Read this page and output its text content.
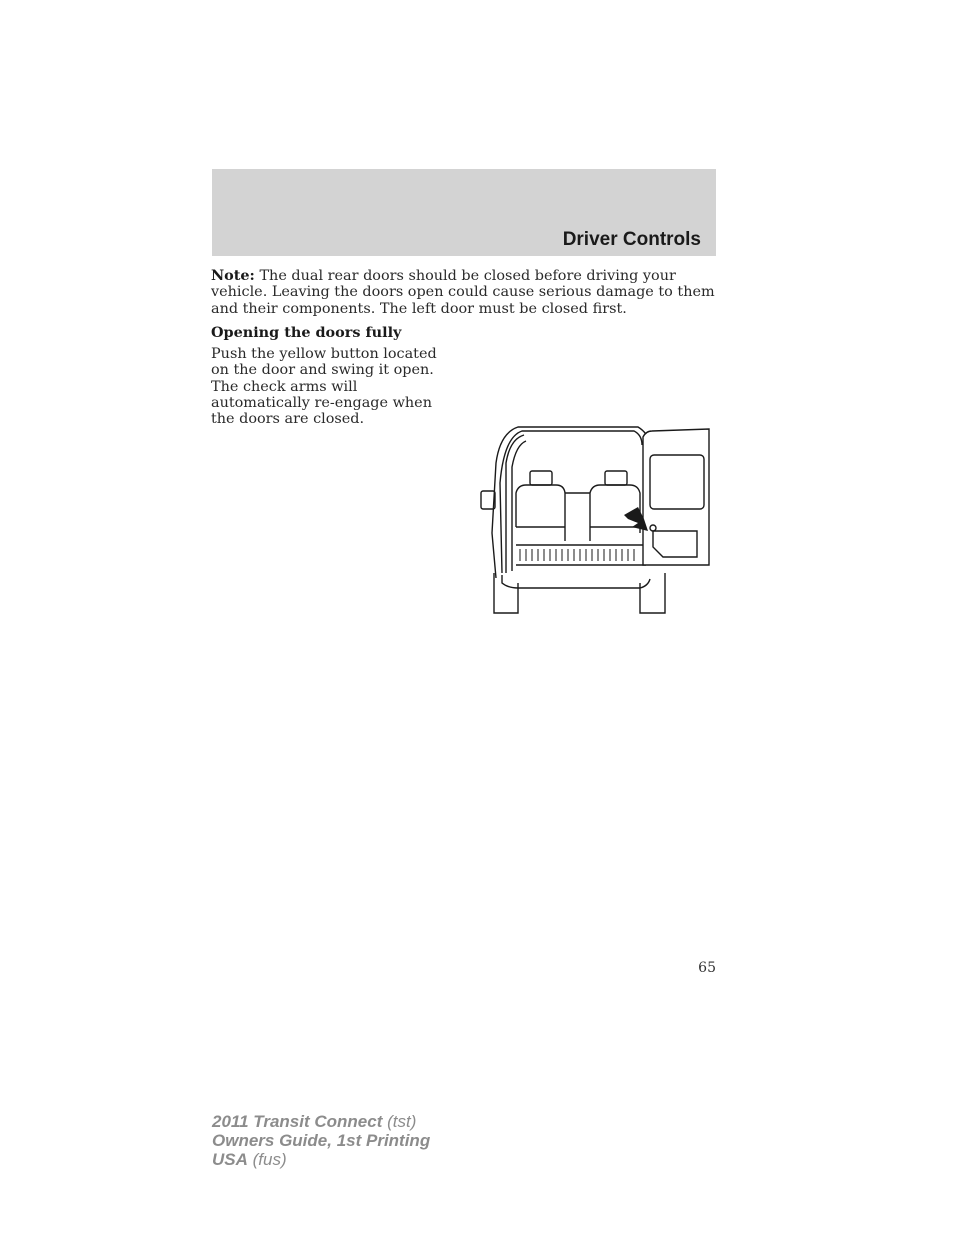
Driver Controls

Note: The dual rear doors should be closed before driving your vehicle. Leaving the doors open could cause serious damage to them and their components. The left door must be closed first.

Opening the doors fully

Push the yellow button located on the door and swing it open. The check arms will automatically re-engage when the doors are closed.

65
2011 Transit Connect (tst)
Owners Guide, 1st Printing
USA (fus)
